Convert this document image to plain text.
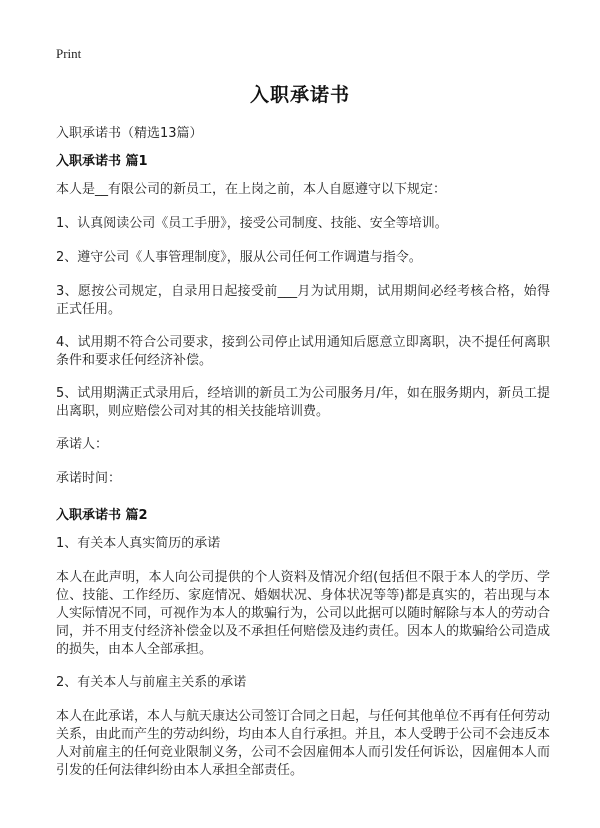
Print
入职承诺书

入职承诺书（精选13篇）

入职承诺书 篇1

本人是__有限公司的新员工，在上岗之前，本人自愿遵守以下规定：

1、认真阅读公司《员工手册》，接受公司制度、技能、安全等培训。

2、遵守公司《人事管理制度》，服从公司任何工作调遣与指令。

3、愿按公司规定，自录用日起接受前___月为试用期，试用期间必经考核合格，始得正式任用。

4、试用期不符合公司要求，接到公司停止试用通知后愿意立即离职，决不提任何离职条件和要求任何经济补偿。

5、试用期满正式录用后，经培训的新员工为公司服务月/年，如在服务期内，新员工提出离职，则应赔偿公司对其的相关技能培训费。

承诺人：

承诺时间：

入职承诺书 篇2

1、有关本人真实简历的承诺

本人在此声明，本人向公司提供的个人资料及情况介绍(包括但不限于本人的学历、学位、技能、工作经历、家庭情况、婚姻状况、身体状况等等)都是真实的，若出现与本人实际情况不同，可视作为本人的欺骗行为，公司以此据可以随时解除与本人的劳动合同，并不用支付经济补偿金以及不承担任何赔偿及违约责任。因本人的欺骗给公司造成的损失，由本人全部承担。

2、有关本人与前雇主关系的承诺

本人在此承诺，本人与航天康达公司签订合同之日起，与任何其他单位不再有任何劳动关系，由此而产生的劳动纠纷，均由本人自行承担。并且，本人受聘于公司不会违反本人对前雇主的任何竞业限制义务，公司不会因雇佣本人而引发任何诉讼，因雇佣本人而引发的任何法律纠纷由本人承担全部责任。
